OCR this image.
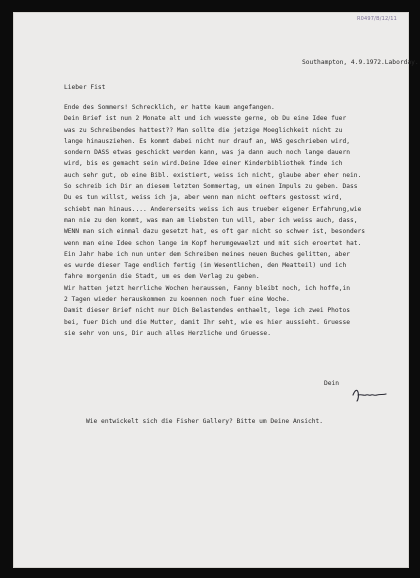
R0497/B/12/11
Southampton, 4.9.1972.Laborday.
Lieber Fist
Ende des Sommers! Schrecklich, er hatte kaum angefangen.
Dein Brief ist nun 2 Monate alt und ich wuesste gerne, ob Du eine Idee fuer
was zu Schreibendes hattest?? Man sollte die jetzige Moeglichkeit nicht zu
lange hinausziehen. Es kommt dabei nicht nur drauf an, WAS geschrieben wird,
sondern DASS etwas geschickt werden kann, was ja dann auch noch lange dauern
wird, bis es gemacht sein wird.Deine Idee einer Kinderbibliothek finde ich
auch sehr gut, ob eine Bibl. existiert, weiss ich nicht, glaube aber eher nein.
So schreib ich Dir an diesem letzten Sommertag, um einen Impuls zu geben. Dass
Du es tun willst, weiss ich ja, aber wenn man nicht oefters gestosst wird,
schiebt man hinaus.... Andererseits weiss ich aus trueber eigener Erfahrung,wie
man nie zu den kommt, was man am liebsten tun will, aber ich weiss auch, dass,
WENN man sich einmal dazu gesetzt hat, es oft gar nicht so schwer ist, besonders
wenn man eine Idee schon lange im Kopf herumgewaelzt und mit sich eroertet hat.
Ein Jahr habe ich nun unter dem Schreiben meines neuen Buches gelitten, aber
es wurde dieser Tage endlich fertig (im Wesentlichen, den Meatteil) und ich
fahre morgenin die Stadt, um es dem Verlag zu geben.
Wir hatten jetzt herrliche Wochen heraussen, Fanny bleibt noch, ich hoffe,in
2 Tagen wieder herauskommen zu koennen noch fuer eine Woche.
Damit dieser Brief nicht nur Dich Belastendes enthaelt, lege ich zwei Photos
bei, fuer Dich und die Mutter, damit Ihr seht, wie es hier aussieht. Gruesse
sie sehr von uns, Dir auch alles Herzliche und Gruesse.
Dein
Wie entwickelt sich die Fisher Gallery? Bitte um Deine Ansicht.
